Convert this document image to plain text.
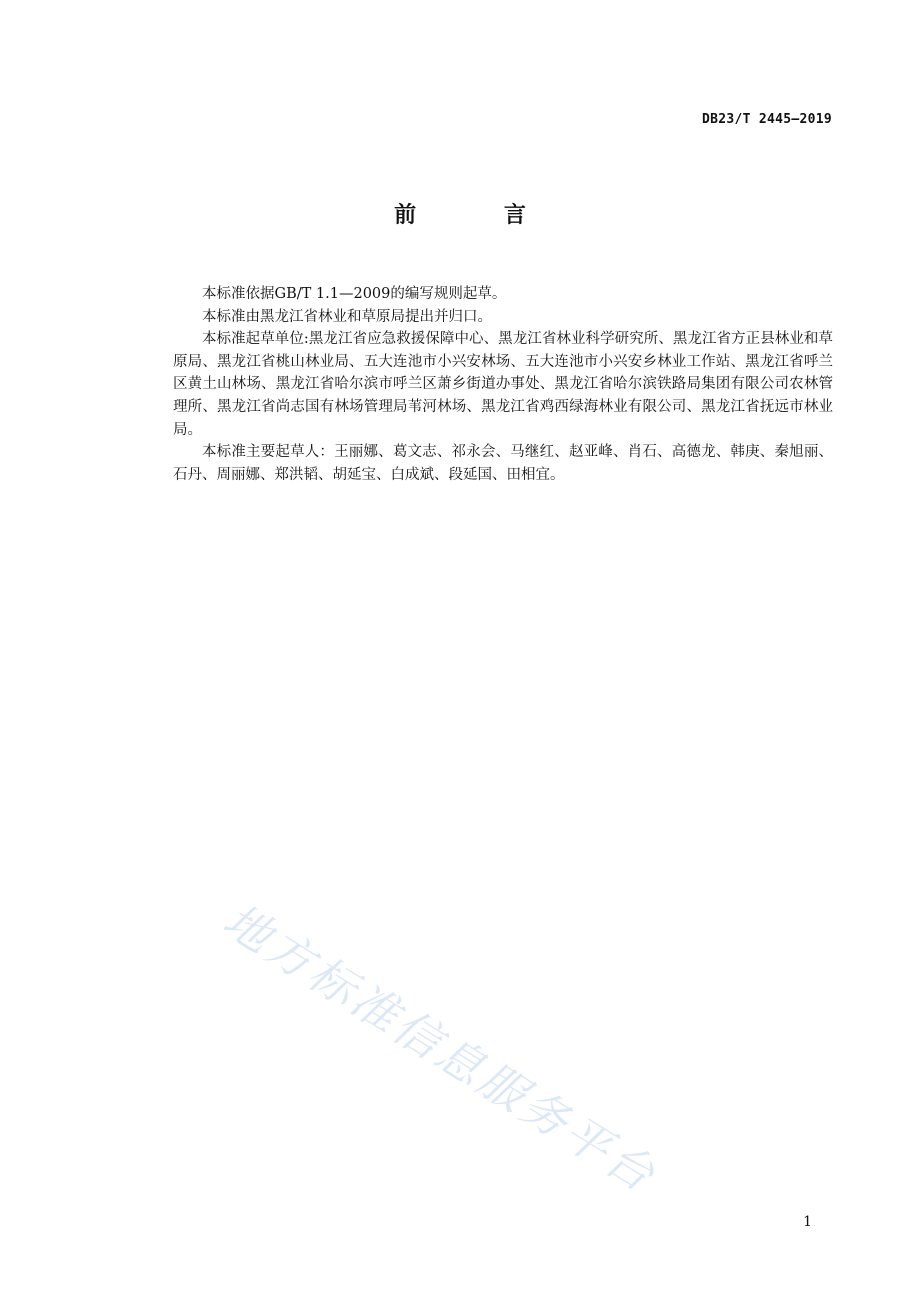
DB23/T 2445—2019
前 言

本标准依据GB/T 1.1—2009的编写规则起草。

本标准由黑龙江省林业和草原局提出并归口。

本标准起草单位:黑龙江省应急救援保障中心、黑龙江省林业科学研究所、黑龙江省方正县林业和草原局、黑龙江省桃山林业局、五大连池市小兴安林场、五大连池市小兴安乡林业工作站、黑龙江省呼兰区黄土山林场、黑龙江省哈尔滨市呼兰区萧乡街道办事处、黑龙江省哈尔滨铁路局集团有限公司农林管理所、黑龙江省尚志国有林场管理局苇河林场、黑龙江省鸡西绿海林业有限公司、黑龙江省抚远市林业局。

本标准主要起草人：王丽娜、葛文志、祁永会、马继红、赵亚峰、肖石、高德龙、韩庚、秦旭丽、石丹、周丽娜、郑洪韬、胡延宝、白成斌、段延国、田相宜。

地方标准信息服务平台
1
